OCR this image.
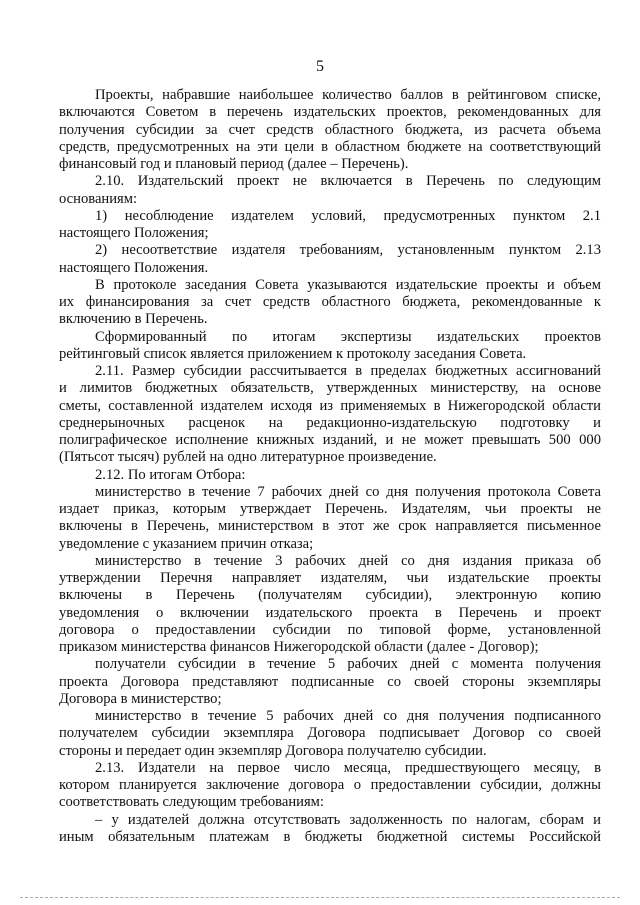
5

Проекты, набравшие наибольшее количество баллов в рейтинговом списке,

включаются Советом в перечень издательских проектов, рекомендованных для

получения субсидии за счет средств областного бюджета, из расчета объема

средств, предусмотренных на эти цели в областном бюджете на соответствующий

финансовый год и плановый период (далее – Перечень).

2.10. Издательский проект не включается в Перечень по следующим

основаниям:

1) несоблюдение издателем условий, предусмотренных пунктом 2.1

настоящего Положения;

2) несоответствие издателя требованиям, установленным пунктом 2.13

настоящего Положения.

В протоколе заседания Совета указываются издательские проекты и объем

их финансирования за счет средств областного бюджета, рекомендованные к

включению в Перечень.

Сформированный по итогам экспертизы издательских проектов

рейтинговый список является приложением к протоколу заседания Совета.

2.11. Размер субсидии рассчитывается в пределах бюджетных ассигнований

и лимитов бюджетных обязательств, утвержденных министерству, на основе

сметы, составленной издателем исходя из применяемых в Нижегородской области

среднерыночных расценок на редакционно-издательскую подготовку и

полиграфическое исполнение книжных изданий, и не может превышать 500 000

(Пятьсот тысяч) рублей на одно литературное произведение.

2.12. По итогам Отбора:

министерство в течение 7 рабочих дней со дня получения протокола Совета

издает приказ, которым утверждает Перечень. Издателям, чьи проекты не

включены в Перечень, министерством в этот же срок направляется письменное

уведомление с указанием причин отказа;

министерство в течение 3 рабочих дней со дня издания приказа об

утверждении Перечня направляет издателям, чьи издательские проекты

включены в Перечень (получателям субсидии), электронную копию

уведомления о включении издательского проекта в Перечень и проект

договора о предоставлении субсидии по типовой форме, установленной

приказом министерства финансов Нижегородской области (далее - Договор);

получатели субсидии в течение 5 рабочих дней с момента получения

проекта Договора представляют подписанные со своей стороны экземпляры

Договора в министерство;

министерство в течение 5 рабочих дней со дня получения подписанного

получателем субсидии экземпляра Договора подписывает Договор со своей

стороны и передает один экземпляр Договора получателю субсидии.

2.13. Издатели на первое число месяца, предшествующего месяцу, в

котором планируется заключение договора о предоставлении субсидии, должны

соответствовать следующим требованиям:

– у издателей должна отсутствовать задолженность по налогам, сборам и

иным обязательным платежам в бюджеты бюджетной системы Российской
